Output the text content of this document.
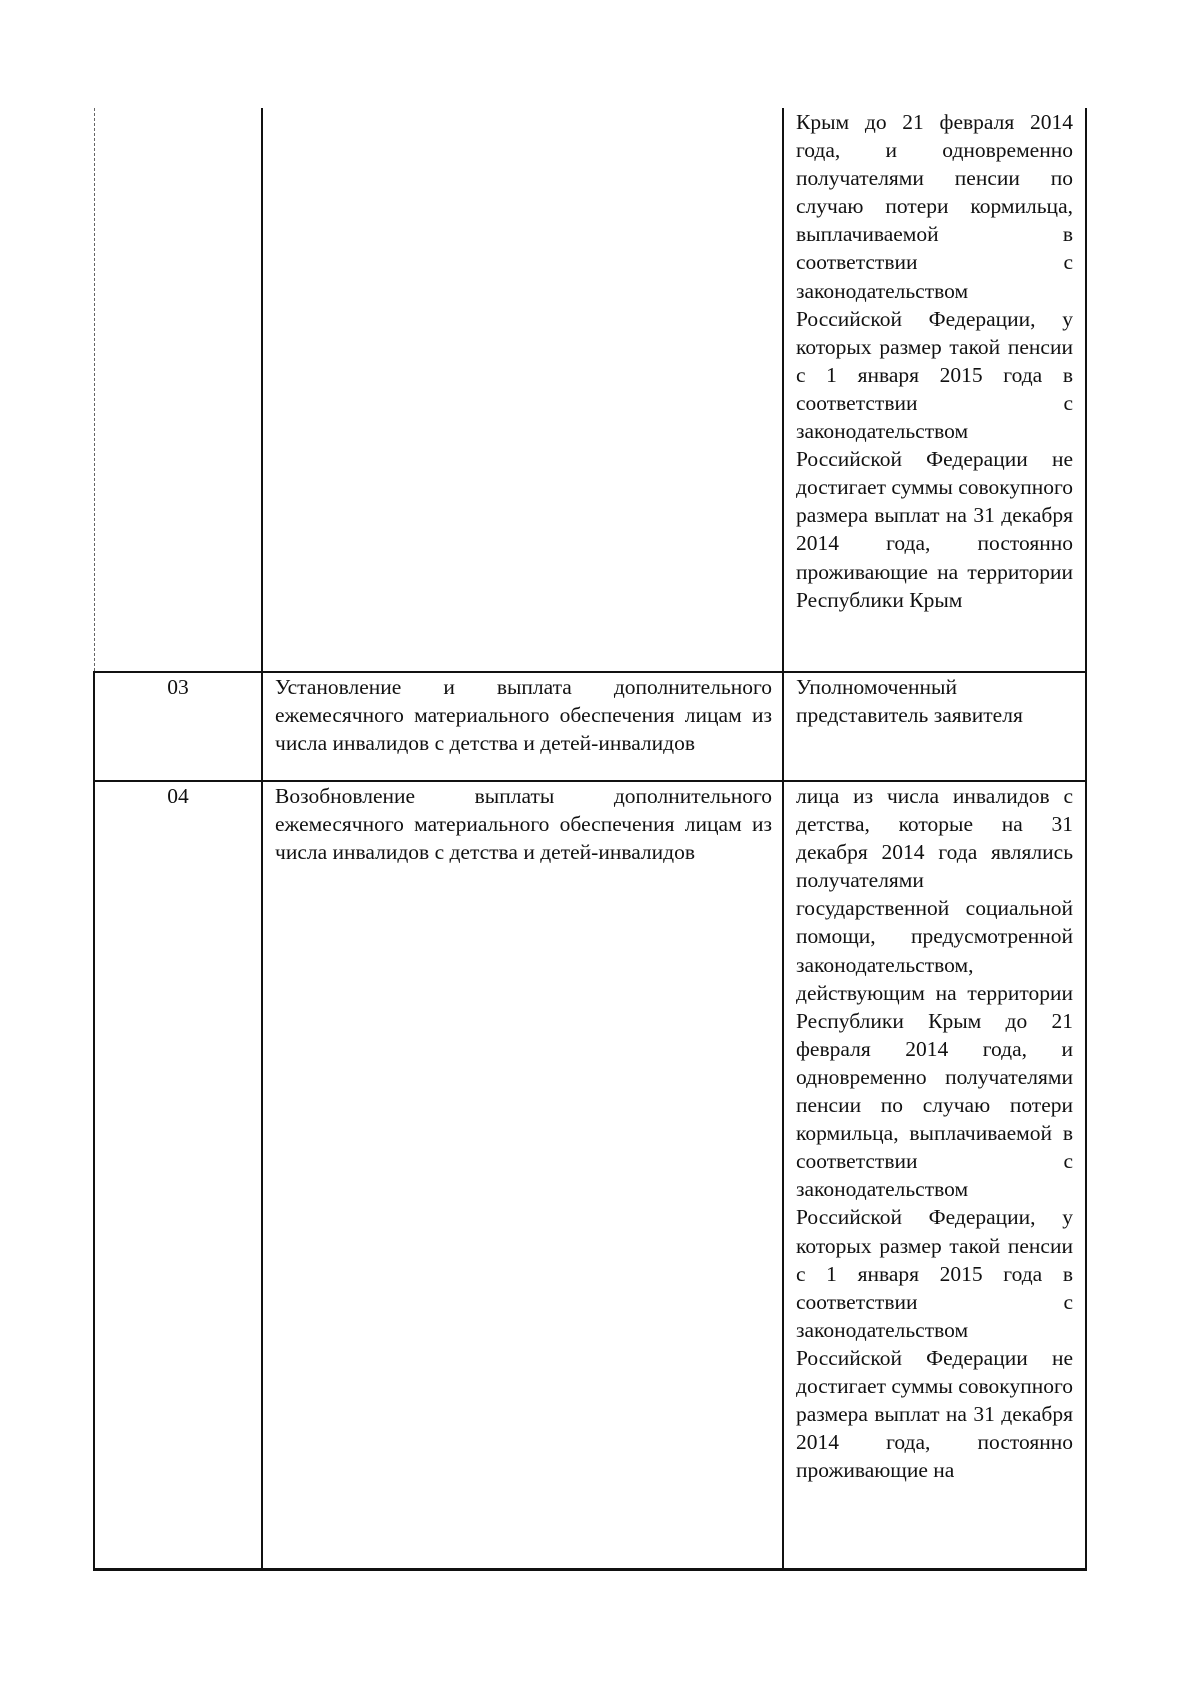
		Крым до 21 февраля 2014 года, и одновременно получателями пенсии по случаю потери кормильца, выплачиваемой в соответствии с законодательством Российской Федерации, у которых размер такой пенсии с 1 января 2015 года в соответствии с законодательством Российской Федерации не достигает суммы совокупного размера выплат на 31 декабря 2014 года, постоянно проживающие на территории Республики Крым
03	Установление и выплата дополнительного ежемесячного материального обеспечения лицам из числа инвалидов с детства и детей-инвалидов	Уполномоченный представитель заявителя
04	Возобновление выплаты дополнительного ежемесячного материального обеспечения лицам из числа инвалидов с детства и детей-инвалидов	лица из числа инвалидов с детства, которые на 31 декабря 2014 года являлись получателями государственной социальной помощи, предусмотренной законодательством, действующим на территории Республики Крым до 21 февраля 2014 года, и одновременно получателями пенсии по случаю потери кормильца, выплачиваемой в соответствии с законодательством Российской Федерации, у которых размер такой пенсии с 1 января 2015 года в соответствии с законодательством Российской Федерации не достигает суммы совокупного размера выплат на 31 декабря 2014 года, постоянно проживающие на
